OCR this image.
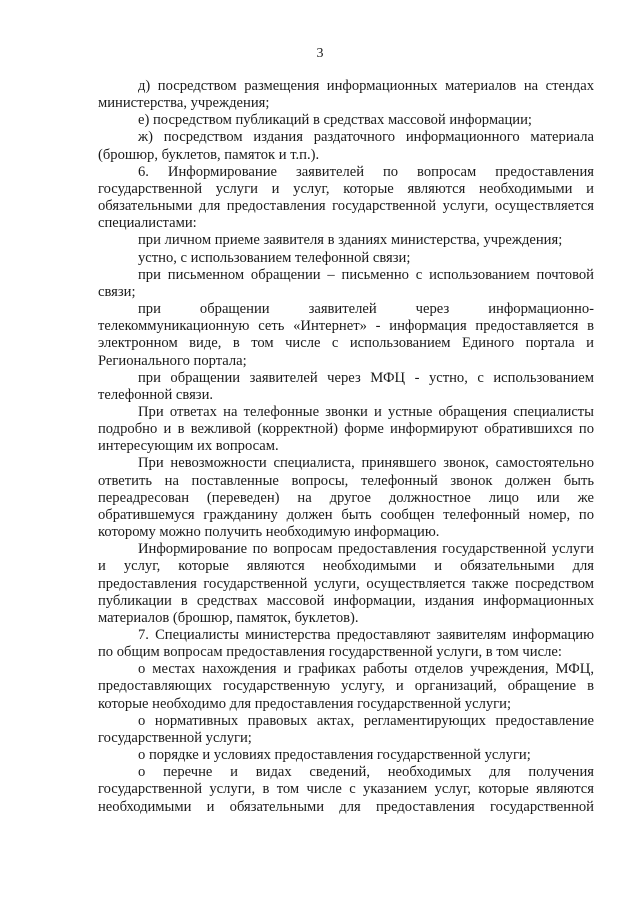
3

д) посредством размещения информационных материалов на стендах министерства, учреждения;

е) посредством публикаций в средствах массовой информации;

ж) посредством издания раздаточного информационного материала (брошюр, буклетов, памяток и т.п.).

6. Информирование заявителей по вопросам предоставления государственной услуги и услуг, которые являются необходимыми и обязательными для предоставления государственной услуги, осуществляется специалистами:

при личном приеме заявителя в зданиях министерства, учреждения;

устно, с использованием телефонной связи;

при письменном обращении – письменно с использованием почтовой связи;

при обращении заявителей через информационно-телекоммуникационную сеть «Интернет» - информация предоставляется в электронном виде, в том числе с использованием Единого портала и Регионального портала;

при обращении заявителей через МФЦ - устно, с использованием телефонной связи.

При ответах на телефонные звонки и устные обращения специалисты подробно и в вежливой (корректной) форме информируют обратившихся по интересующим их вопросам.

При невозможности специалиста, принявшего звонок, самостоятельно ответить на поставленные вопросы, телефонный звонок должен быть переадресован (переведен) на другое должностное лицо или же обратившемуся гражданину должен быть сообщен телефонный номер, по которому можно получить необходимую информацию.

Информирование по вопросам предоставления государственной услуги и услуг, которые являются необходимыми и обязательными для предоставления государственной услуги, осуществляется также посредством публикации в средствах массовой информации, издания информационных материалов (брошюр, памяток, буклетов).

7. Специалисты министерства предоставляют заявителям информацию по общим вопросам предоставления государственной услуги, в том числе:

о местах нахождения и графиках работы отделов учреждения, МФЦ, предоставляющих государственную услугу, и организаций, обращение в которые необходимо для предоставления государственной услуги;

о нормативных правовых актах, регламентирующих предоставление государственной услуги;

о порядке и условиях предоставления государственной услуги;

о перечне и видах сведений, необходимых для получения государственной услуги, в том числе с указанием услуг, которые являются необходимыми и обязательными для предоставления государственной
